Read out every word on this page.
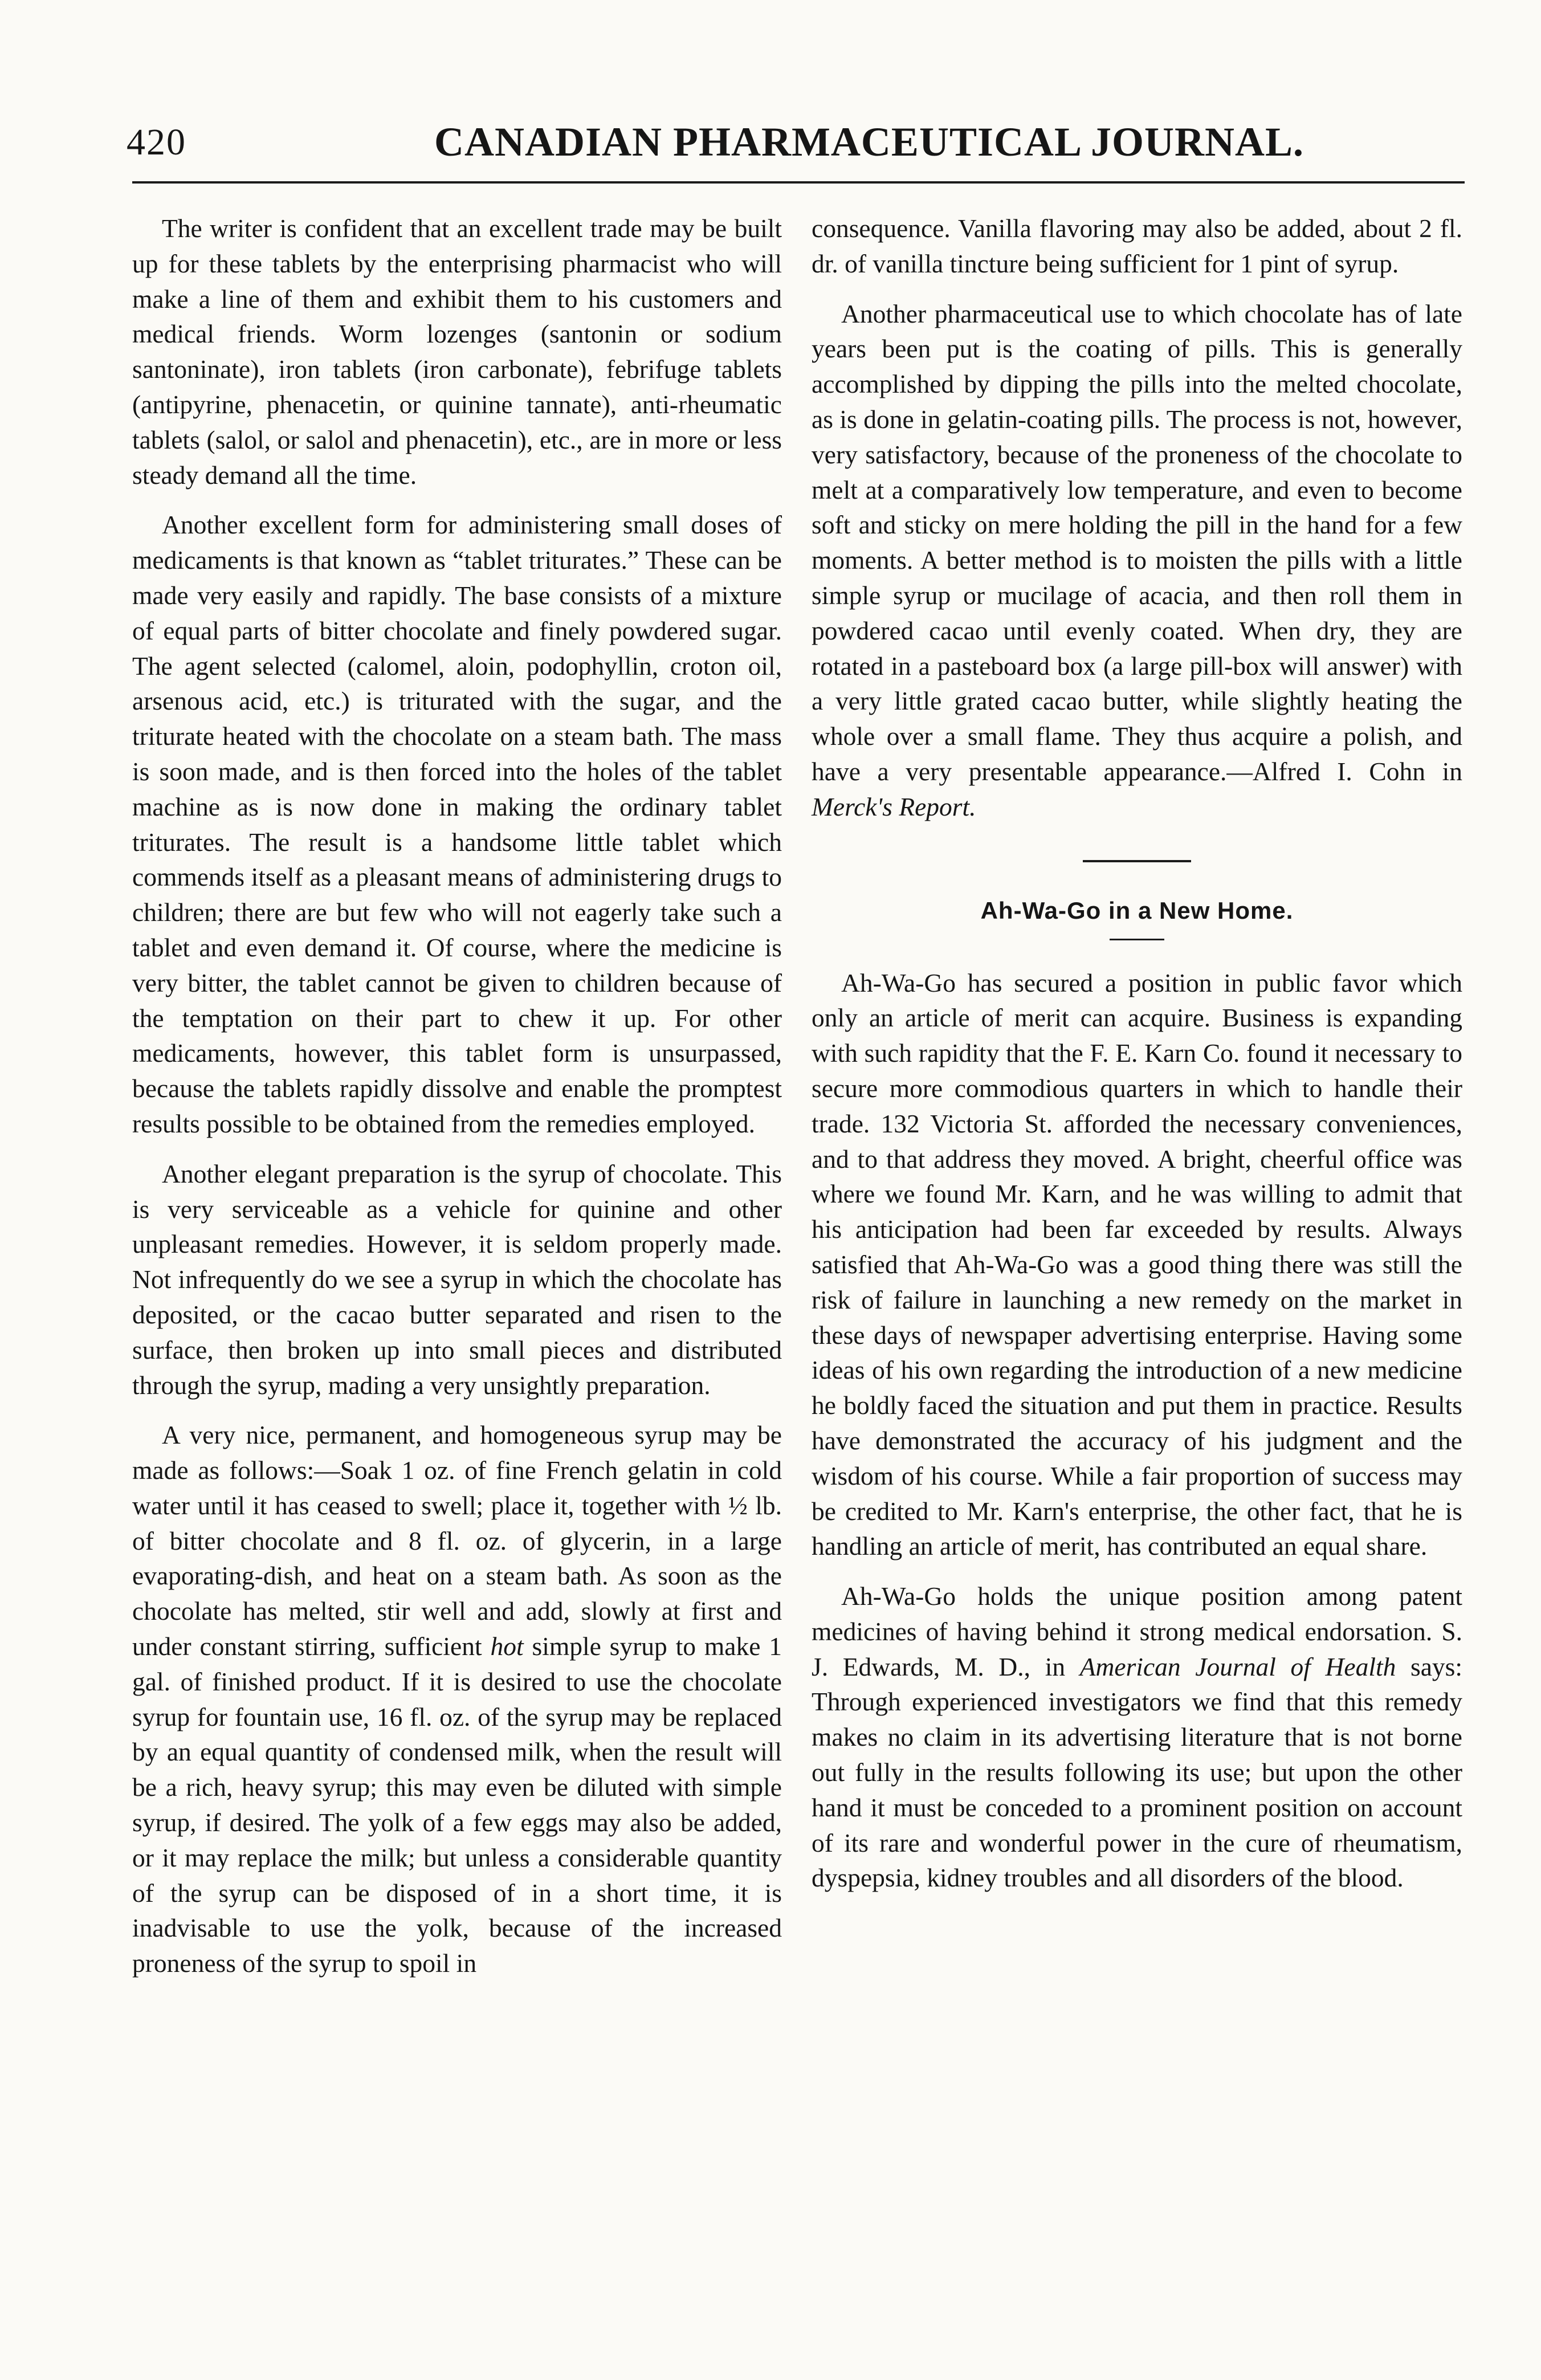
420	CANADIAN PHARMACEUTICAL JOURNAL.

The writer is confident that an excellent trade may be built up for these tablets by the enterprising pharmacist who will make a line of them and exhibit them to his customers and medical friends. Worm lozenges (santonin or sodium santoninate), iron tablets (iron carbonate), febrifuge tablets (antipyrine, phenacetin, or quinine tannate), anti-rheumatic tablets (salol, or salol and phenacetin), etc., are in more or less steady demand all the time.

Another excellent form for administering small doses of medicaments is that known as “tablet triturates.” These can be made very easily and rapidly. The base consists of a mixture of equal parts of bitter chocolate and finely powdered sugar. The agent selected (calomel, aloin, podophyllin, croton oil, arsenous acid, etc.) is triturated with the sugar, and the triturate heated with the chocolate on a steam bath. The mass is soon made, and is then forced into the holes of the tablet machine as is now done in making the ordinary tablet triturates. The result is a handsome little tablet which commends itself as a pleasant means of administering drugs to children; there are but few who will not eagerly take such a tablet and even demand it. Of course, where the medicine is very bitter, the tablet cannot be given to children because of the temptation on their part to chew it up. For other medicaments, however, this tablet form is unsurpassed, because the tablets rapidly dissolve and enable the promptest results possible to be obtained from the remedies employed.

Another elegant preparation is the syrup of chocolate. This is very serviceable as a vehicle for quinine and other unpleasant remedies. However, it is seldom properly made. Not infrequently do we see a syrup in which the chocolate has deposited, or the cacao butter separated and risen to the surface, then broken up into small pieces and distributed through the syrup, mading a very unsightly preparation.

A very nice, permanent, and homogeneous syrup may be made as follows:—Soak 1 oz. of fine French gelatin in cold water until it has ceased to swell; place it, together with ½ lb. of bitter chocolate and 8 fl. oz. of glycerin, in a large evaporating-dish, and heat on a steam bath. As soon as the chocolate has melted, stir well and add, slowly at first and under constant stirring, sufficient hot simple syrup to make 1 gal. of finished product. If it is desired to use the chocolate syrup for fountain use, 16 fl. oz. of the syrup may be replaced by an equal quantity of condensed milk, when the result will be a rich, heavy syrup; this may even be diluted with simple syrup, if desired. The yolk of a few eggs may also be added, or it may replace the milk; but unless a considerable quantity of the syrup can be disposed of in a short time, it is inadvisable to use the yolk, because of the increased proneness of the syrup to spoil in

consequence. Vanilla flavoring may also be added, about 2 fl. dr. of vanilla tincture being sufficient for 1 pint of syrup.

Another pharmaceutical use to which chocolate has of late years been put is the coating of pills. This is generally accomplished by dipping the pills into the melted chocolate, as is done in gelatin-coating pills. The process is not, however, very satisfactory, because of the proneness of the chocolate to melt at a comparatively low temperature, and even to become soft and sticky on mere holding the pill in the hand for a few moments. A better method is to moisten the pills with a little simple syrup or mucilage of acacia, and then roll them in powdered cacao until evenly coated. When dry, they are rotated in a pasteboard box (a large pill-box will answer) with a very little grated cacao butter, while slightly heating the whole over a small flame. They thus acquire a polish, and have a very presentable appearance.—Alfred I. Cohn in Merck's Report.

Ah-Wa-Go in a New Home.

Ah-Wa-Go has secured a position in public favor which only an article of merit can acquire. Business is expanding with such rapidity that the F. E. Karn Co. found it necessary to secure more commodious quarters in which to handle their trade. 132 Victoria St. afforded the necessary conveniences, and to that address they moved. A bright, cheerful office was where we found Mr. Karn, and he was willing to admit that his anticipation had been far exceeded by results. Always satisfied that Ah-Wa-Go was a good thing there was still the risk of failure in launching a new remedy on the market in these days of newspaper advertising enterprise. Having some ideas of his own regarding the introduction of a new medicine he boldly faced the situation and put them in practice. Results have demonstrated the accuracy of his judgment and the wisdom of his course. While a fair proportion of success may be credited to Mr. Karn's enterprise, the other fact, that he is handling an article of merit, has contributed an equal share.

Ah-Wa-Go holds the unique position among patent medicines of having behind it strong medical endorsation. S. J. Edwards, M. D., in American Journal of Health says: Through experienced investigators we find that this remedy makes no claim in its advertising literature that is not borne out fully in the results following its use; but upon the other hand it must be conceded to a prominent position on account of its rare and wonderful power in the cure of rheumatism, dyspepsia, kidney troubles and all disorders of the blood.
